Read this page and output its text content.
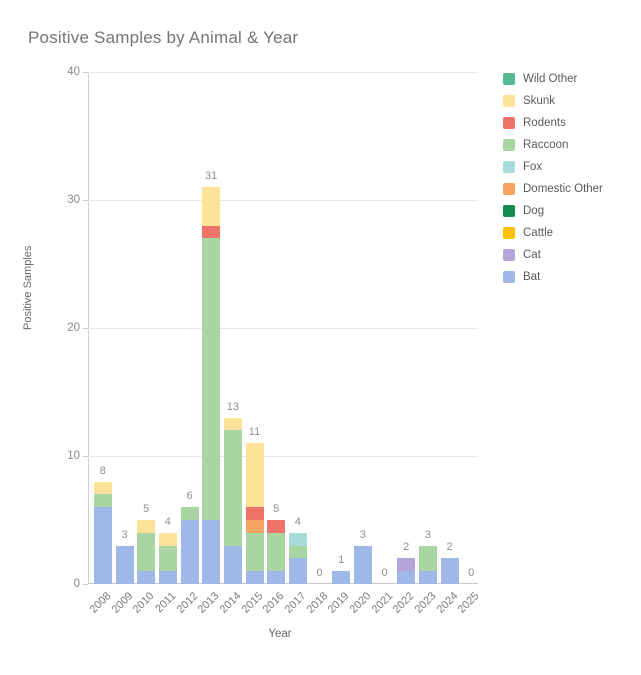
Positive Samples by Animal & Year
Positive Samples
0
10
20
30
40
8
3
5
4
6
31
13
11
5
4
0
1
3
0
2
3
2
0
2008
2009
2010
2011
2012
2013
2014
2015
2016
2017
2018
2019
2020
2021
2022
2023
2024
2025
Year
Wild Other
Skunk
Rodents
Raccoon
Fox
Domestic Other
Dog
Cattle
Cat
Bat
